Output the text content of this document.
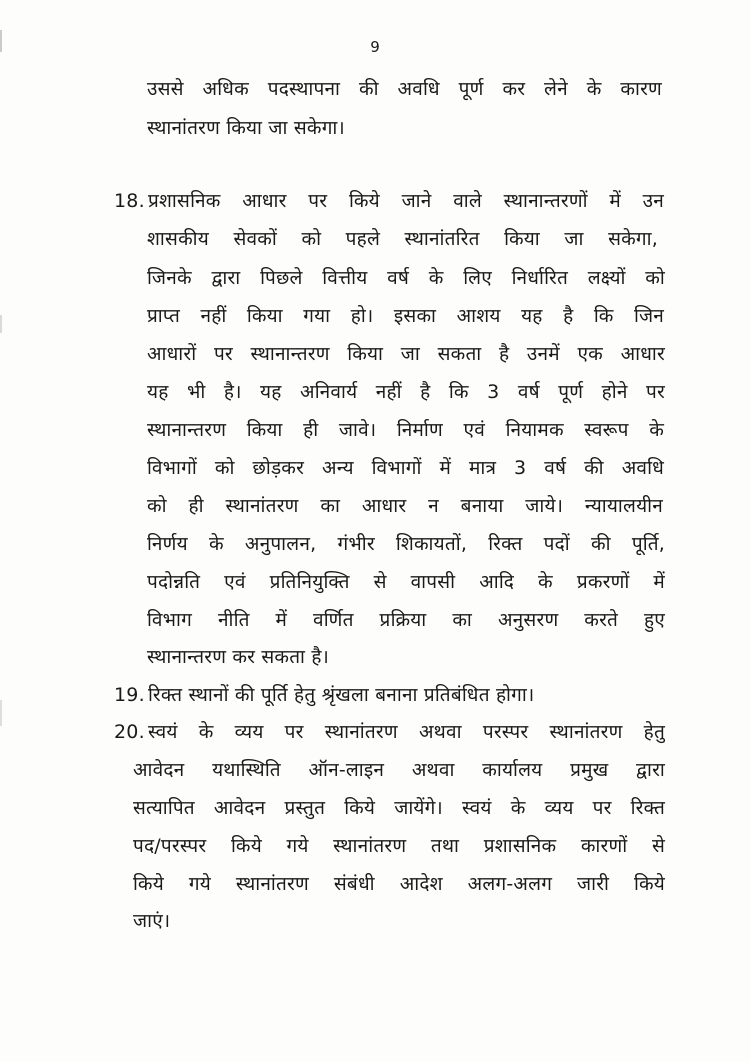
9
उससे अधिक पदस्थापना की अवधि पूर्ण कर लेने के कारण
स्थानांतरण किया जा सकेगा।
18. प्रशासनिक आधार पर किये जाने वाले स्थानान्तरणों में उन
शासकीय सेवकों को पहले स्थानांतरित किया जा सकेगा,
जिनके द्वारा पिछले वित्तीय वर्ष के लिए निर्धारित लक्ष्यों को
प्राप्त नहीं किया गया हो। इसका आशय यह है कि जिन
आधारों पर स्थानान्तरण किया जा सकता है उनमें एक आधार
यह भी है। यह अनिवार्य नहीं है कि 3 वर्ष पूर्ण होने पर
स्थानान्तरण किया ही जावे। निर्माण एवं नियामक स्वरूप के
विभागों को छोड़कर अन्य विभागों में मात्र 3 वर्ष की अवधि
को ही स्थानांतरण का आधार न बनाया जाये। न्यायालयीन
निर्णय के अनुपालन, गंभीर शिकायतों, रिक्त पदों की पूर्ति,
पदोन्नति एवं प्रतिनियुक्ति से वापसी आदि के प्रकरणों में
विभाग नीति में वर्णित प्रक्रिया का अनुसरण करते हुए
स्थानान्तरण कर सकता है।
19. रिक्त स्थानों की पूर्ति हेतु श्रृंखला बनाना प्रतिबंधित होगा।
20. स्वयं के व्यय पर स्थानांतरण अथवा परस्पर स्थानांतरण हेतु
आवेदन यथास्थिति ऑन-लाइन अथवा कार्यालय प्रमुख द्वारा
सत्यापित आवेदन प्रस्तुत किये जायेंगे। स्वयं के व्यय पर रिक्त
पद/परस्पर किये गये स्थानांतरण तथा प्रशासनिक कारणों से
किये गये स्थानांतरण संबंधी आदेश अलग-अलग जारी किये
जाएं।
